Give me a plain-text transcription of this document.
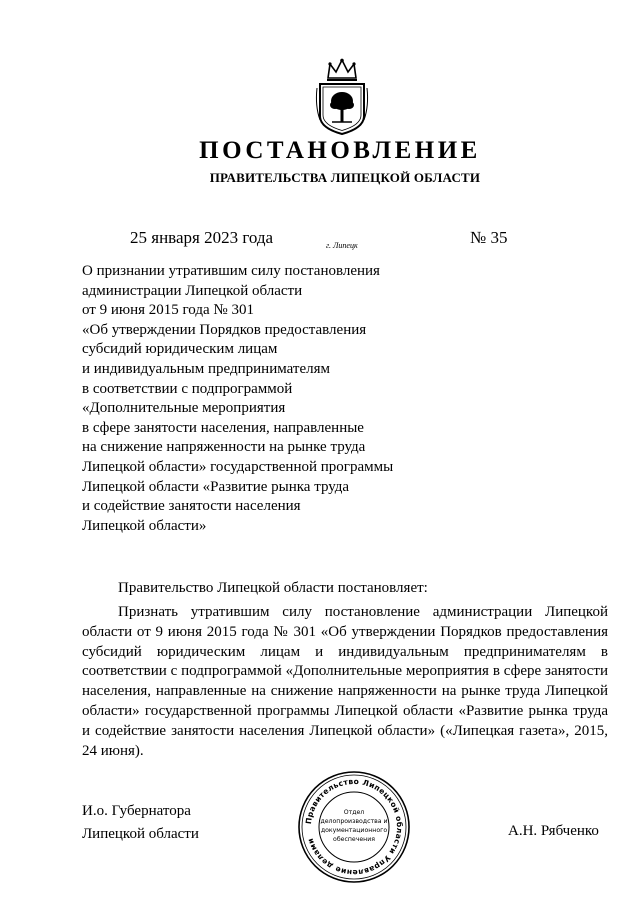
ПОСТАНОВЛЕНИЕ
ПРАВИТЕЛЬСТВА ЛИПЕЦКОЙ ОБЛАСТИ
25 января 2023 года	г. Липецк	№ 35
О признании утратившим силу постановления
администрации Липецкой области
от 9 июня 2015 года № 301
«Об утверждении Порядков предоставления
субсидий юридическим лицам
и индивидуальным предпринимателям
в соответствии с подпрограммой
«Дополнительные мероприятия
в сфере занятости населения, направленные
на снижение напряженности на рынке труда
Липецкой области» государственной программы
Липецкой области «Развитие рынка труда
и содействие занятости населения
Липецкой области»
Правительство Липецкой области постановляет:
Признать утратившим силу постановление администрации Липецкой области от 9 июня 2015 года № 301 «Об утверждении Порядков предоставления субсидий юридическим лицам и индивидуальным предпринимателям в соответствии с подпрограммой «Дополнительные мероприятия в сфере занятости населения, направленные на снижение напряженности на рынке труда Липецкой области» государственной программы Липецкой области «Развитие рынка труда и содействие занятости населения Липецкой области» («Липецкая газета», 2015, 24 июня).
И.о. Губернатора
Липецкой области	А.Н. Рябченко
Правительство Липецкой области Управление делами
Отдел
делопроизводства и
документационного
обеспечения
